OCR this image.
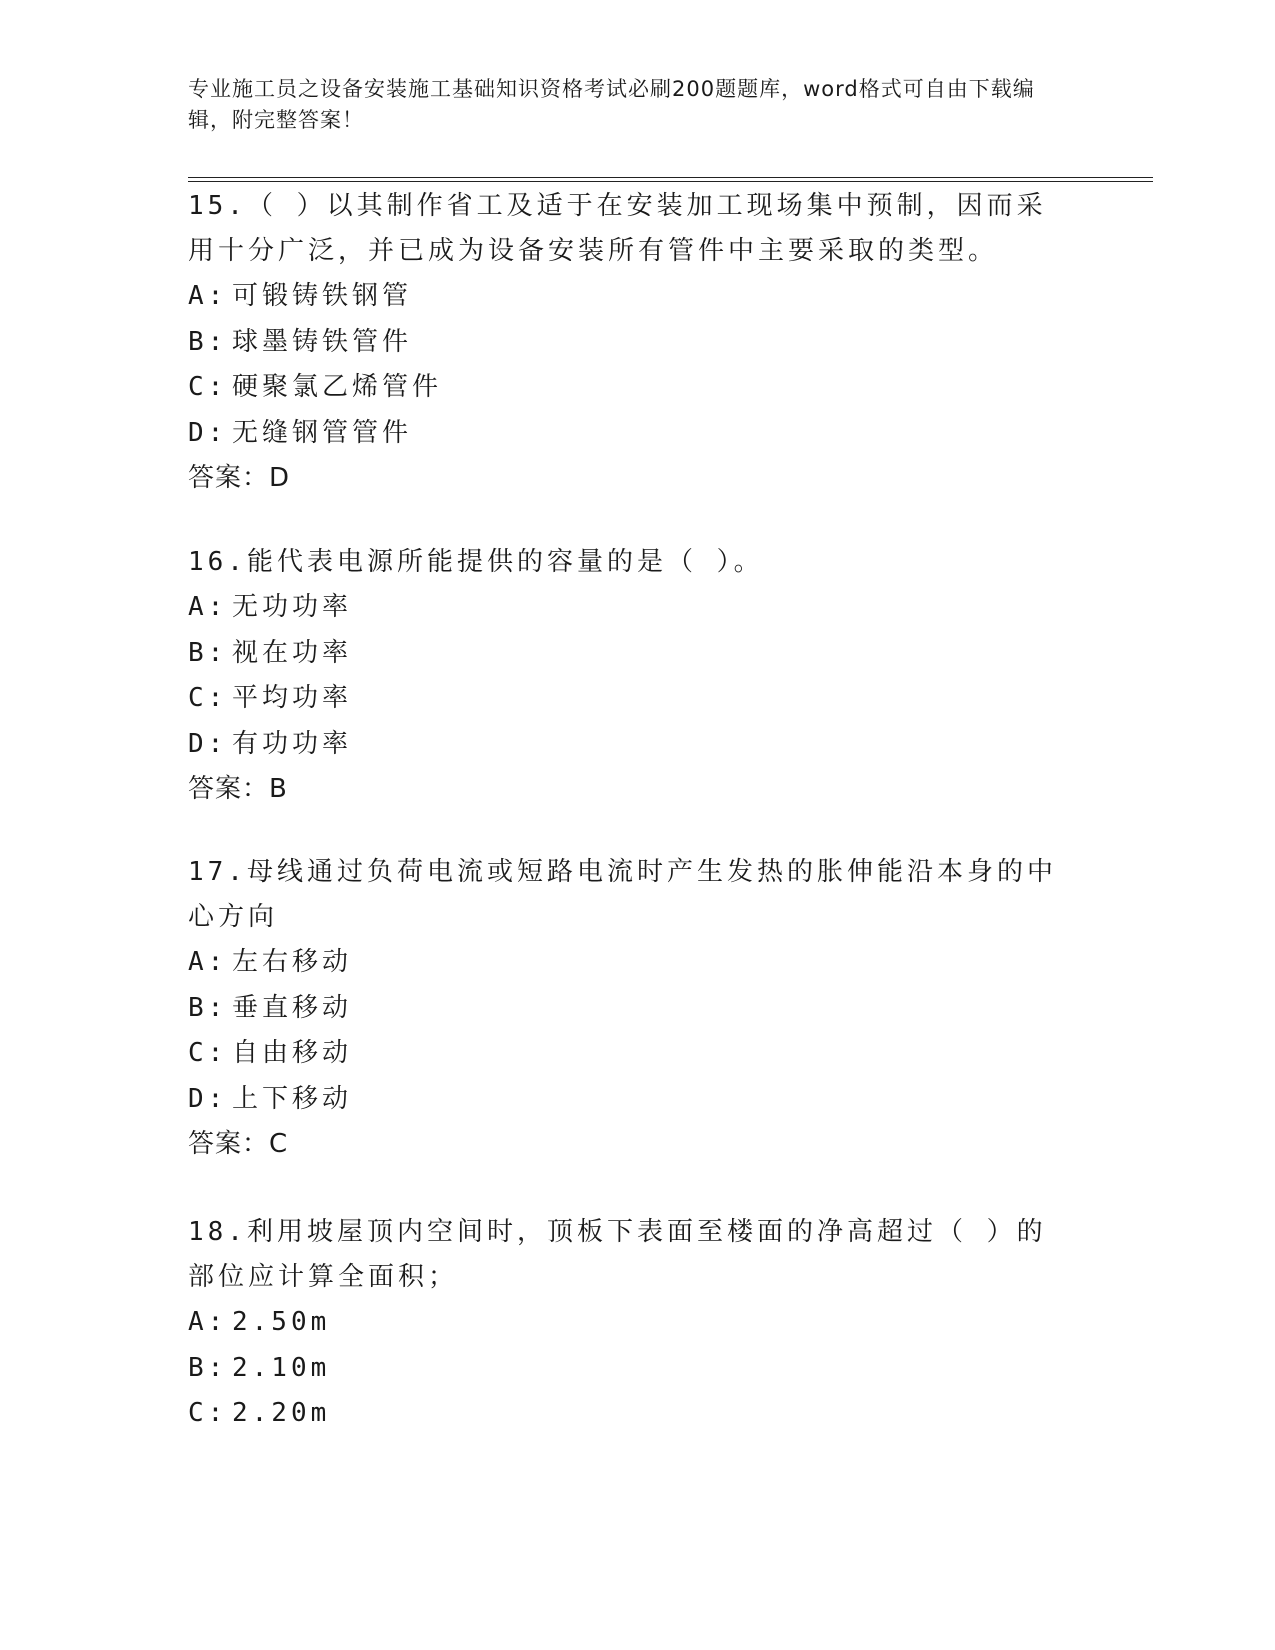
专业施工员之设备安装施工基础知识资格考试必刷200题题库，word格式可自由下载编辑，附完整答案！
15.（ ）以其制作省工及适于在安装加工现场集中预制，因而采用十分广泛，并已成为设备安装所有管件中主要采取的类型。
A: 可锻铸铁钢管
B: 球墨铸铁管件
C: 硬聚氯乙烯管件
D: 无缝钢管管件
答案：D
16.能代表电源所能提供的容量的是（ ）。
A: 无功功率
B: 视在功率
C: 平均功率
D: 有功功率
答案：B
17.母线通过负荷电流或短路电流时产生发热的胀伸能沿本身的中心方向
A: 左右移动
B: 垂直移动
C: 自由移动
D: 上下移动
答案：C
18.利用坡屋顶内空间时，顶板下表面至楼面的净高超过（ ）的部位应计算全面积；
A: 2.50m
B: 2.10m
C: 2.20m
